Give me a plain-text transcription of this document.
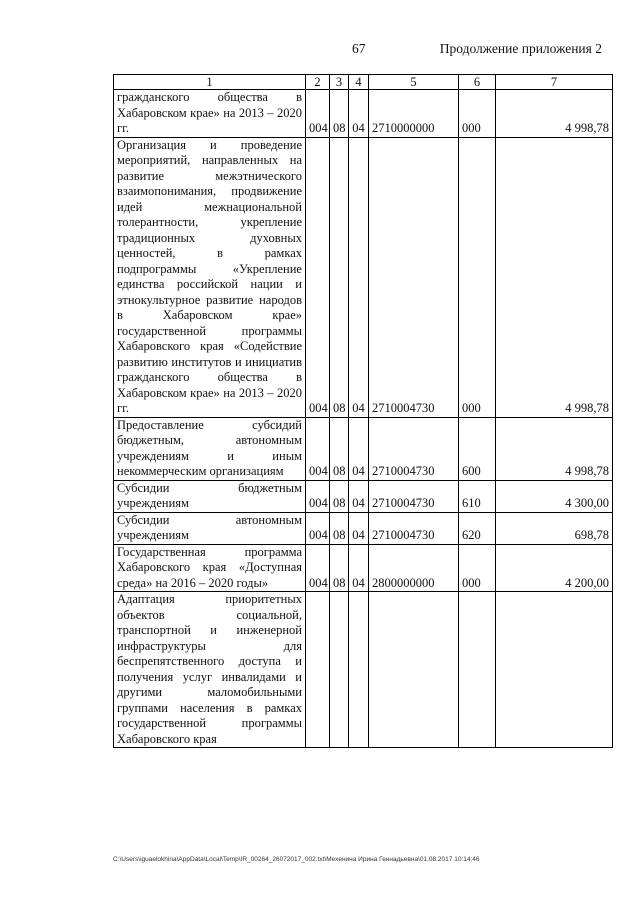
67	Продолжение приложения 2
1	2	3	4	5	6	7
гражданского общества в Хабаровском крае» на 2013 – 2020 гг.	004	08	04	2710000000	000	4 998,78
Организация и проведение мероприятий, направленных на развитие межэтнического взаимопонимания, продвижение идей межнациональной толерантности, укрепление традиционных духовных ценностей, в рамках подпрограммы «Укрепление единства российской нации и этнокультурное развитие народов в Хабаровском крае» государственной программы Хабаровского края «Содействие развитию институтов и инициатив гражданского общества в Хабаровском крае» на 2013 – 2020 гг.	004	08	04	2710004730	000	4 998,78
Предоставление субсидий бюджетным, автономным учреждениям и иным некоммерческим организациям	004	08	04	2710004730	600	4 998,78
Субсидии бюджетным учреждениям	004	08	04	2710004730	610	4 300,00
Субсидии автономным учреждениям	004	08	04	2710004730	620	698,78
Государственная программа Хабаровского края «Доступная среда» на 2016 – 2020 годы»	004	08	04	2800000000	000	4 200,00
Адаптация приоритетных объектов социальной, транспортной и инженерной инфраструктуры для беспрепятственного доступа и получения услуг инвалидами и другими маломобильными группами населения в рамках государственной программы Хабаровского края						
C:\Users\iguaelokhina\AppData\Local\Temp\IR_00264_26072017_002.txt\Мехенина Ирина Геннадьевна\01.08.2017 10:14:46
